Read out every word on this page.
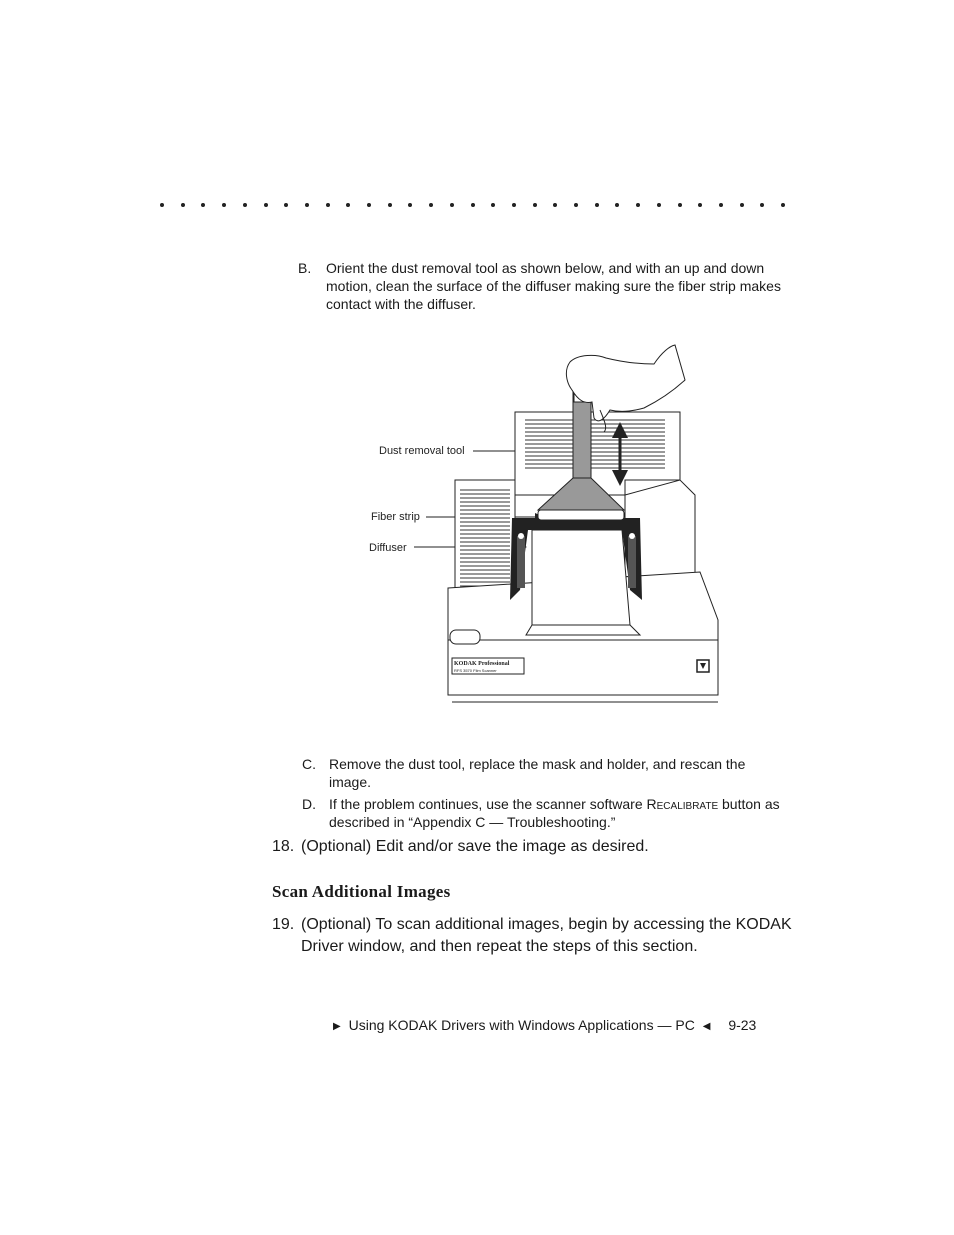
B. Orient the dust removal tool as shown below, and with an up and down
motion, clean the surface of the diffuser making sure the fiber strip makes
contact with the diffuser.
Dust removal tool
Fiber strip
Diffuser
KODAK Professional
RFS 3570 Film Scanner
C. Remove the dust tool, replace the mask and holder, and rescan the
image.
D. If the problem continues, use the scanner software Recalibrate button as
described in “Appendix C — Troubleshooting.”
18. (Optional) Edit and/or save the image as desired.
Scan Additional Images
19. (Optional) To scan additional images, begin by accessing the KODAK
Driver window, and then repeat the steps of this section.
▶ Using KODAK Drivers with Windows Applications — PC ◀ 9-23
